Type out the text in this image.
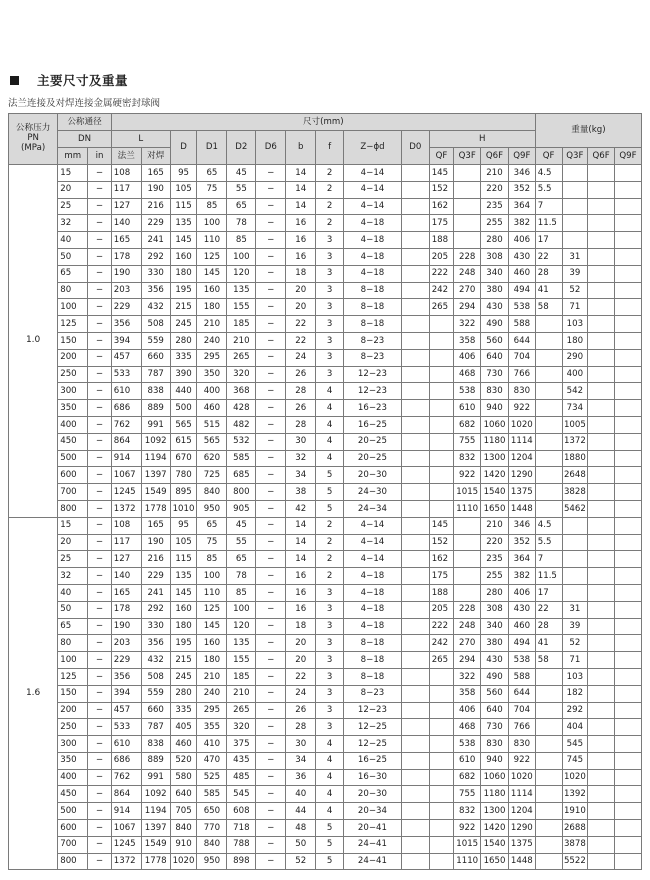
主要尺寸及重量
法兰连接及对焊连接金属硬密封球阀
公称压力
PN
(MPa)	公称通径		尺寸(mm)														重量(kg)			
	DN		L		D	D1	D2	D6	b	f	Z−ϕd	D0	H							
	mm	in	法兰	对焊									QF	Q3F	Q6F	Q9F	QF	Q3F	Q6F	Q9F
1.0	15	−	108	165	95	65	45	−	14	2	4−14		145		210	346	4.5			
	20	−	117	190	105	75	55	−	14	2	4−14		152		220	352	5.5			
	25	−	127	216	115	85	65	−	14	2	4−14		162		235	364	7			
	32	−	140	229	135	100	78	−	16	2	4−18		175		255	382	11.5			
	40	−	165	241	145	110	85	−	16	3	4−18		188		280	406	17			
	50	−	178	292	160	125	100	−	16	3	4−18		205	228	308	430	22	31		
	65	−	190	330	180	145	120	−	18	3	4−18		222	248	340	460	28	39		
	80	−	203	356	195	160	135	−	20	3	8−18		242	270	380	494	41	52		
	100	−	229	432	215	180	155	−	20	3	8−18		265	294	430	538	58	71		
	125	−	356	508	245	210	185	−	22	3	8−18			322	490	588		103		
	150	−	394	559	280	240	210	−	22	3	8−23			358	560	644		180		
	200	−	457	660	335	295	265	−	24	3	8−23			406	640	704		290		
	250	−	533	787	390	350	320	−	26	3	12−23			468	730	766		400		
	300	−	610	838	440	400	368	−	28	4	12−23			538	830	830		542		
	350	−	686	889	500	460	428	−	26	4	16−23			610	940	922		734		
	400	−	762	991	565	515	482	−	28	4	16−25			682	1060	1020		1005		
	450	−	864	1092	615	565	532	−	30	4	20−25			755	1180	1114		1372		
	500	−	914	1194	670	620	585	−	32	4	20−25			832	1300	1204		1880		
	600	−	1067	1397	780	725	685	−	34	5	20−30			922	1420	1290		2648		
	700	−	1245	1549	895	840	800	−	38	5	24−30			1015	1540	1375		3828		
	800	−	1372	1778	1010	950	905	−	42	5	24−34			1110	1650	1448		5462		
1.6	15	−	108	165	95	65	45	−	14	2	4−14		145		210	346	4.5			
	20	−	117	190	105	75	55	−	14	2	4−14		152		220	352	5.5			
	25	−	127	216	115	85	65	−	14	2	4−14		162		235	364	7			
	32	−	140	229	135	100	78	−	16	2	4−18		175		255	382	11.5			
	40	−	165	241	145	110	85	−	16	3	4−18		188		280	406	17			
	50	−	178	292	160	125	100	−	16	3	4−18		205	228	308	430	22	31		
	65	−	190	330	180	145	120	−	18	3	4−18		222	248	340	460	28	39		
	80	−	203	356	195	160	135	−	20	3	8−18		242	270	380	494	41	52		
	100	−	229	432	215	180	155	−	20	3	8−18		265	294	430	538	58	71		
	125	−	356	508	245	210	185	−	22	3	8−18			322	490	588		103		
	150	−	394	559	280	240	210	−	24	3	8−23			358	560	644		182		
	200	−	457	660	335	295	265	−	26	3	12−23			406	640	704		292		
	250	−	533	787	405	355	320	−	28	3	12−25			468	730	766		404		
	300	−	610	838	460	410	375	−	30	4	12−25			538	830	830		545		
	350	−	686	889	520	470	435	−	34	4	16−25			610	940	922		745		
	400	−	762	991	580	525	485	−	36	4	16−30			682	1060	1020		1020		
	450	−	864	1092	640	585	545	−	40	4	20−30			755	1180	1114		1392		
	500	−	914	1194	705	650	608	−	44	4	20−34			832	1300	1204		1910		
	600	−	1067	1397	840	770	718	−	48	5	20−41			922	1420	1290		2688		
	700	−	1245	1549	910	840	788	−	50	5	24−41			1015	1540	1375		3878		
	800	−	1372	1778	1020	950	898	−	52	5	24−41			1110	1650	1448		5522		
